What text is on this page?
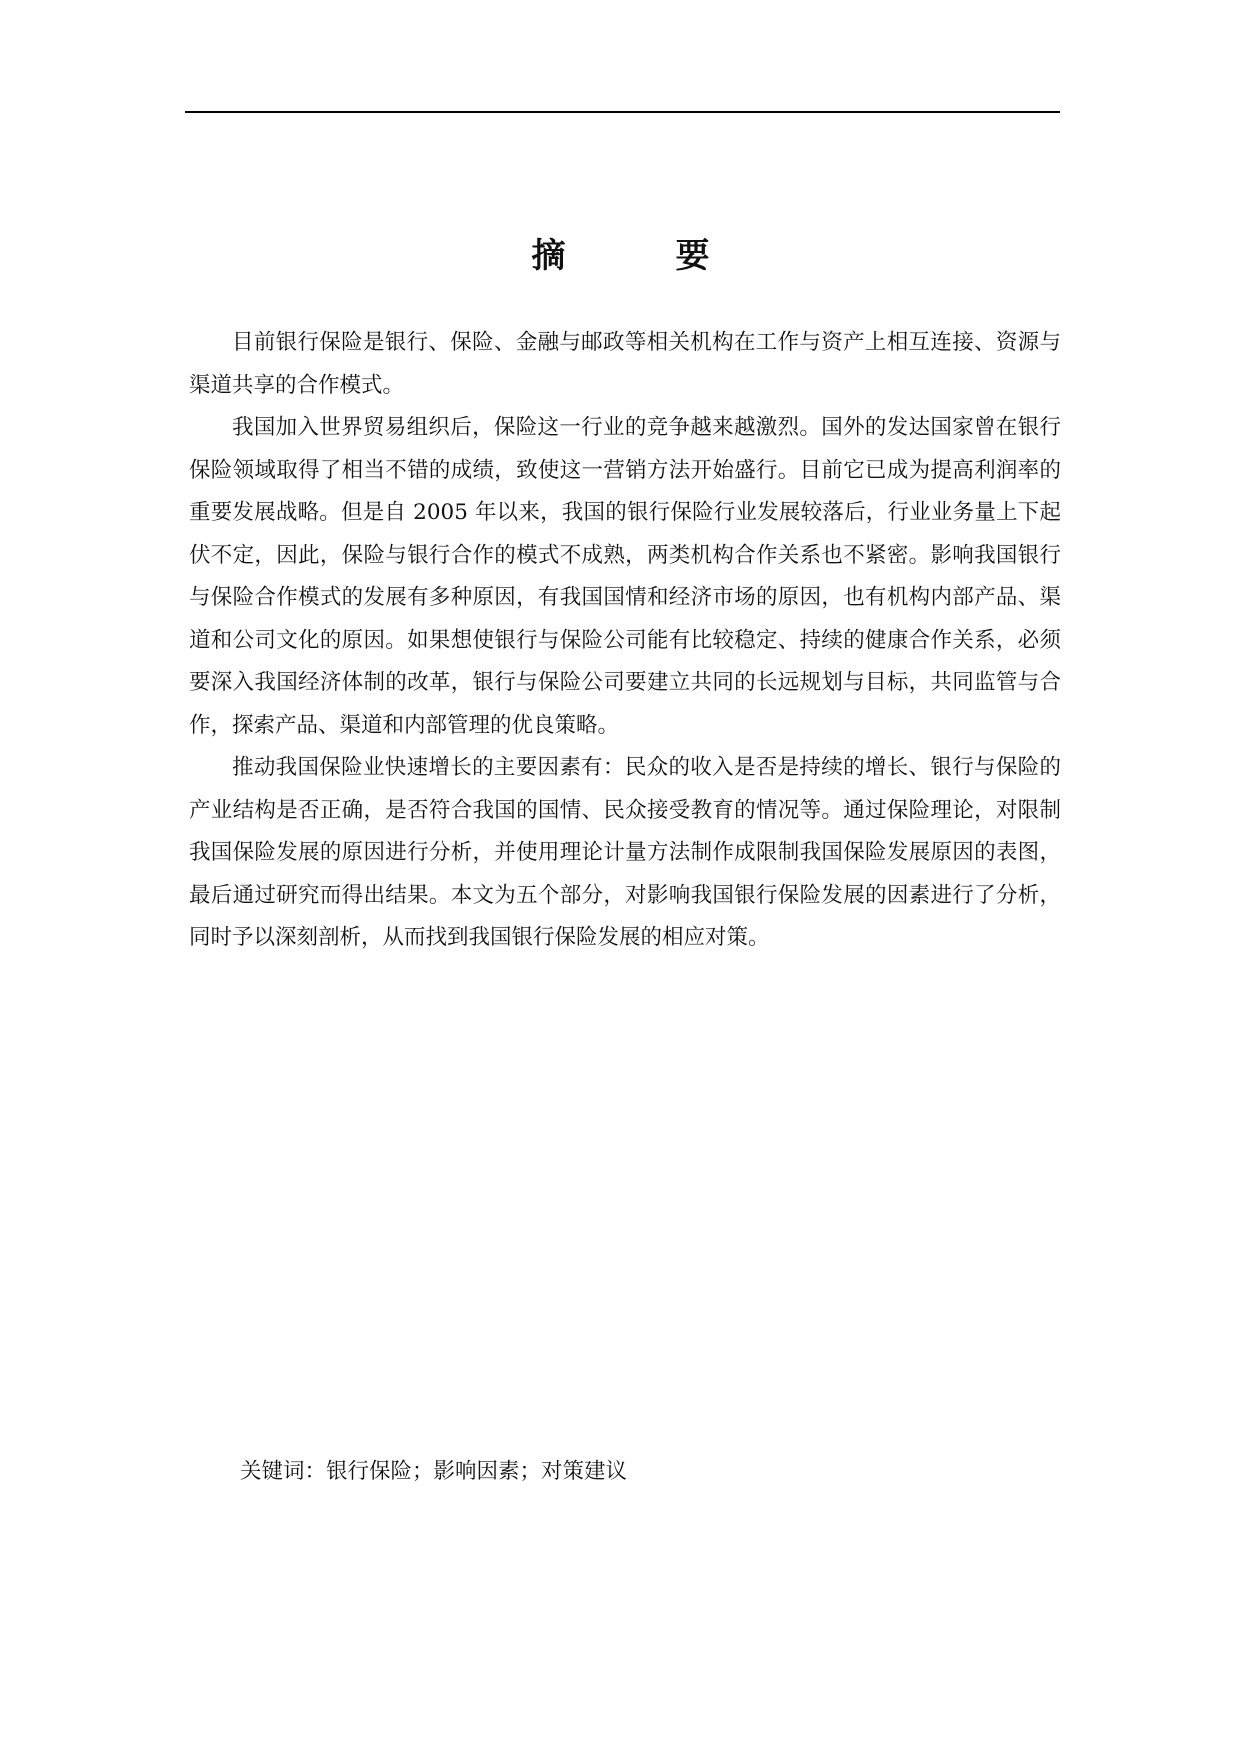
摘　要

目前银行保险是银行、保险、金融与邮政等相关机构在工作与资产上相互连接、资源与渠道共享的合作模式。

我国加入世界贸易组织后，保险这一行业的竞争越来越激烈。国外的发达国家曾在银行保险领域取得了相当不错的成绩，致使这一营销方法开始盛行。目前它已成为提高利润率的重要发展战略。但是自 2005 年以来，我国的银行保险行业发展较落后，行业业务量上下起伏不定，因此，保险与银行合作的模式不成熟，两类机构合作关系也不紧密。影响我国银行与保险合作模式的发展有多种原因，有我国国情和经济市场的原因，也有机构内部产品、渠道和公司文化的原因。如果想使银行与保险公司能有比较稳定、持续的健康合作关系，必须要深入我国经济体制的改革，银行与保险公司要建立共同的长远规划与目标，共同监管与合作，探索产品、渠道和内部管理的优良策略。

推动我国保险业快速增长的主要因素有：民众的收入是否是持续的增长、银行与保险的产业结构是否正确，是否符合我国的国情、民众接受教育的情况等。通过保险理论，对限制我国保险发展的原因进行分析，并使用理论计量方法制作成限制我国保险发展原因的表图，最后通过研究而得出结果。本文为五个部分，对影响我国银行保险发展的因素进行了分析，同时予以深刻剖析，从而找到我国银行保险发展的相应对策。

关键词：银行保险；影响因素；对策建议
